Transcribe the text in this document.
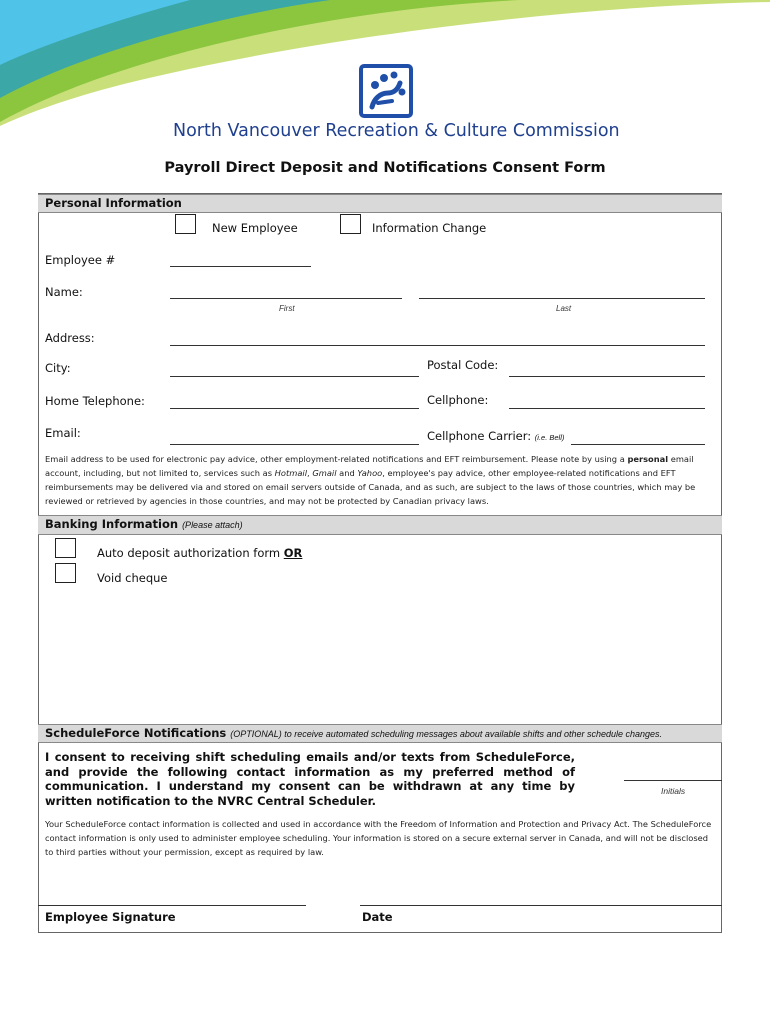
North Vancouver Recreation & Culture Commission
Payroll Direct Deposit and Notifications Consent Form
Personal Information
New Employee	Information Change
Employee #
Name:
First	Last
Address:
City:	Postal Code:
Home Telephone:	Cellphone:
Email:	Cellphone Carrier: (i.e. Bell)
Email address to be used for electronic pay advice, other employment-related notifications and EFT reimbursement. Please note by using a personal email account, including, but not limited to, services such as Hotmail, Gmail and Yahoo, employee's pay advice, other employee-related notifications and EFT reimbursements may be delivered via and stored on email servers outside of Canada, and as such, are subject to the laws of those countries, which may be reviewed or retrieved by agencies in those countries, and may not be protected by Canadian privacy laws.
Banking Information (Please attach)
Auto deposit authorization form OR
Void cheque
ScheduleForce Notifications (OPTIONAL) to receive automated scheduling messages about available shifts and other schedule changes.
I consent to receiving shift scheduling emails and/or texts from ScheduleForce, and provide the following contact information as my preferred method of communication. I understand my consent can be withdrawn at any time by written notification to the NVRC Central Scheduler.
Initials
Your ScheduleForce contact information is collected and used in accordance with the Freedom of Information and Protection and Privacy Act. The ScheduleForce contact information is only used to administer employee scheduling. Your information is stored on a secure external server in Canada, and will not be disclosed to third parties without your permission, except as required by law.
Employee Signature	Date
